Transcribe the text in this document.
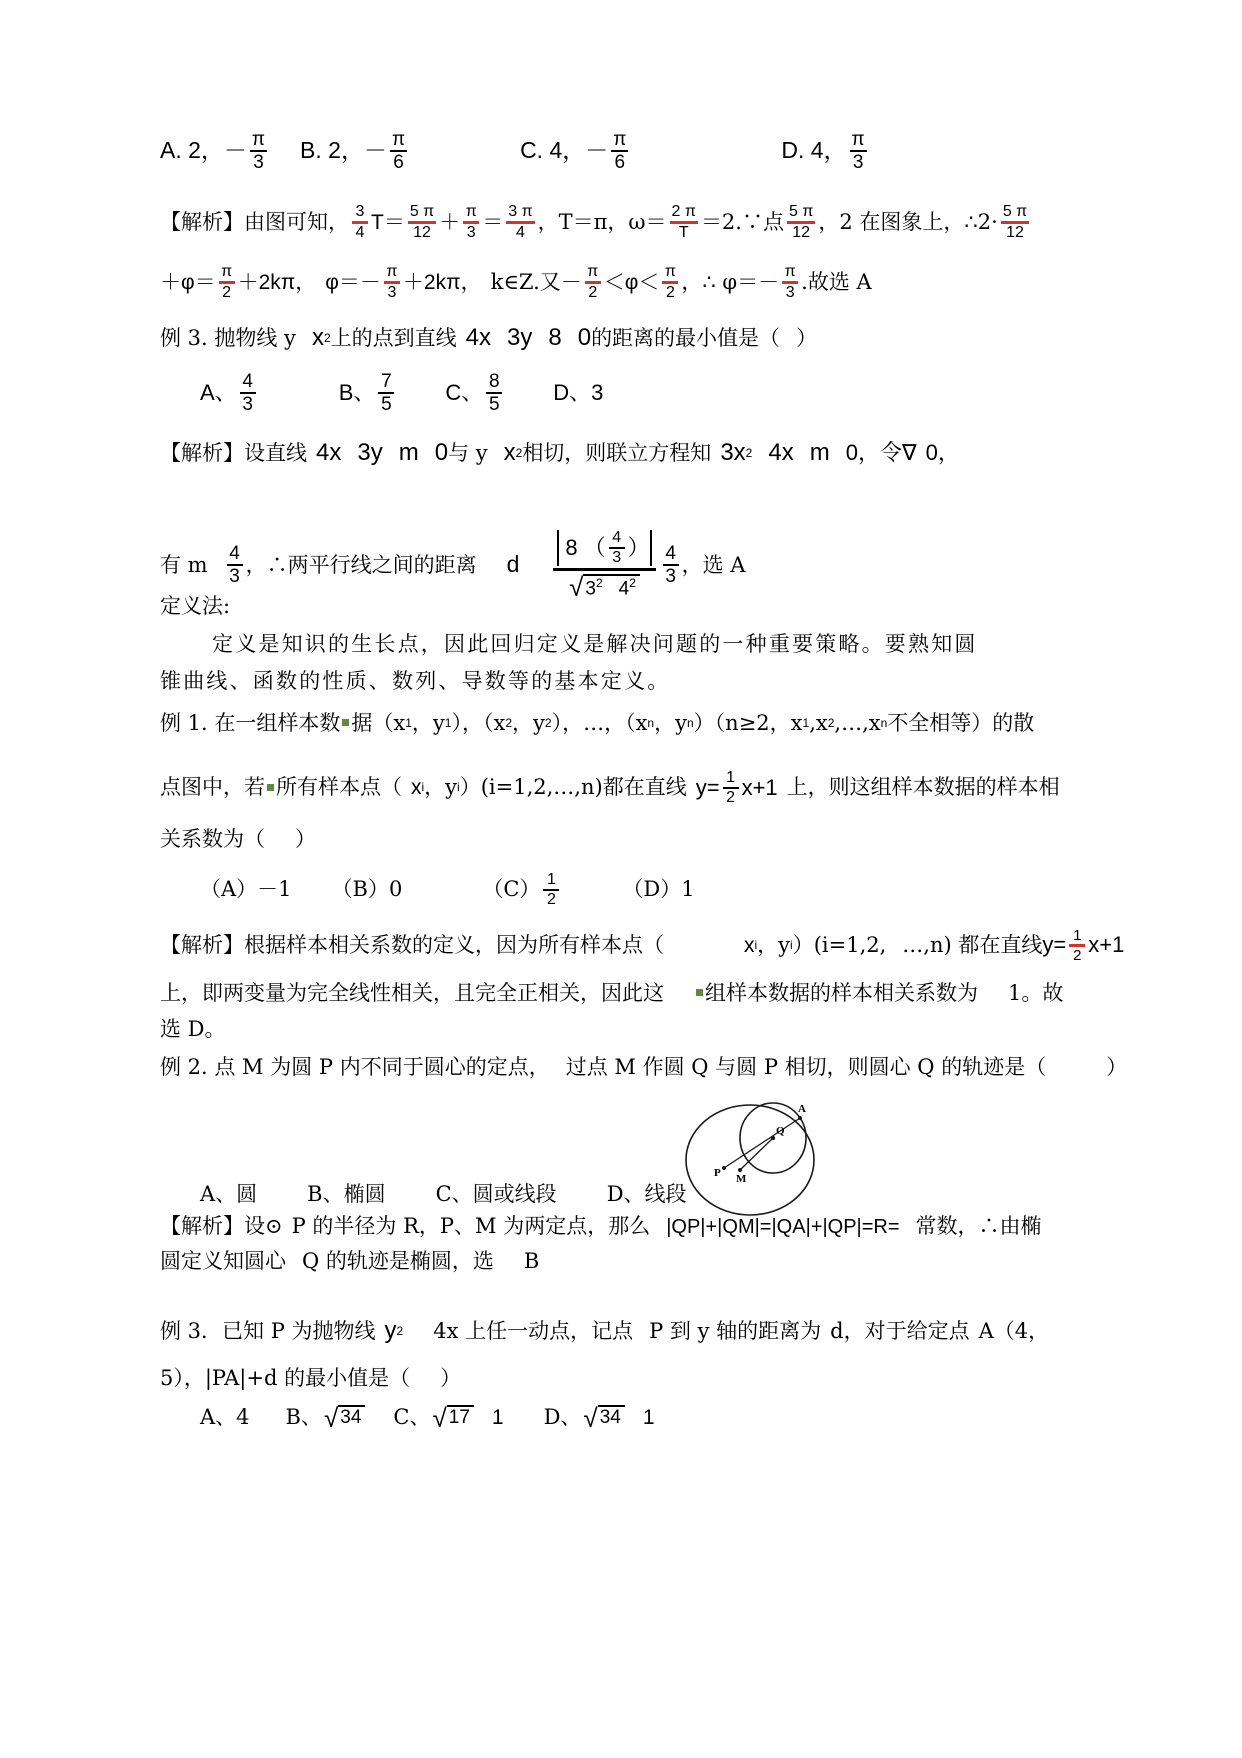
A. 2，－ $\frac{\pi}{3} B$. 2，－ $\frac{\pi}{6}$	C. 4，－ $\frac{\pi}{6}$	D. 4， $\frac{\pi}{3}$
【解析】 由图可知， $\frac{3}{4} T= \frac{5 \pi}{12} + \frac{\pi}{3} = \frac{3 \pi}{4}$ ，T＝π，$\omega= \frac{2 \pi}{T}$ ＝2.∵点 $\frac{5 \pi}{12}$ ，2 在图象上， ∴2· $\frac{5 \pi}{12}$
$+\varphi= \frac{\pi}{2} +2k\pi$， $\varphi=- \frac{\pi}{3} +2k\pi$， k∈Z.又－ $\frac{\pi}{2} <\varphi< \frac{\pi}{2}$ ， ∴ $\varphi=- \frac{\pi}{3}$ .故选 A
例 3. 抛物线 y x 2 上的点到直线 4x 3y 8 0 的距离的最小值是（ ）
A、 $\frac{4}{3}$	B、 $\frac{7}{5}$ C、 $\frac{8}{5}$ D、3
【解析】 设直线 4x 3y m 0 与 y x 2 相切，则联立方程知 3x 2 4x m 0，令∇ 0，
有 m $\frac{4}{3}$ ，∴两平行线之间的距离 d
8 （ $\frac{4}{3}$ ）
√ $3^2$ $4^2 \frac{4}{3}$ ，选 A
定义法:
定义是知识的生长点，因此回归定义是解决问题的一种重要策略。要熟知圆
锥曲线、函数的性质、数列、导数等的基本定义。
例 1. 在一组样本数 据（x 1 ，y 1 ），（x 2 ，y 2 ），…，（x n ，y n ）（n≥2，x 1 ,x 2 ,…,x n 不全相等）的散
点图中，若 所有样本点（ x i ，y i ）(i=1,2,…,n)都在直线 $y= \frac{1}{2} x+1$ 上，则这组样本数据的样本相
关系数为（ ）
（A）－1 （B）0	$(C) \frac{1}{2}$	（D）1
【解析】 根据样本相关系数的定义，因为所有样本点（	x i ，y i ）(i=1,2, …,n) 都在直线 $y= \frac{1}{2} x+1$
上，即两变量为完全线性相关，且完全正相关，因此这 组样本数据的样本相关系数为 1。故
选 D。
例 2. 点 M 为圆 P 内不同于圆心的定点， 过点 M 作圆 Q 与圆 P 相切，则圆心 Q 的轨迹是（	）
P M
Q
A
A、圆 B、椭圆 C、圆或线段 D、线段
【解析】 设⊙ P 的半径为 R，P、M 为两定点，那么 |QP|+|QM|=|QA|+|QP|=R= 常数，∴由椭
圆定义知圆心 Q 的轨迹是椭圆，选 B
例 3．已知 P 为抛物线 y 2 4x 上任一动点，记点 P 到 y 轴的距离为 d，对于给定点 A（4，
5），|PA|+d 的最小值是（ ）
A、4 B、 √ 34 C、 √ 17 1 D、 √ 34 1
